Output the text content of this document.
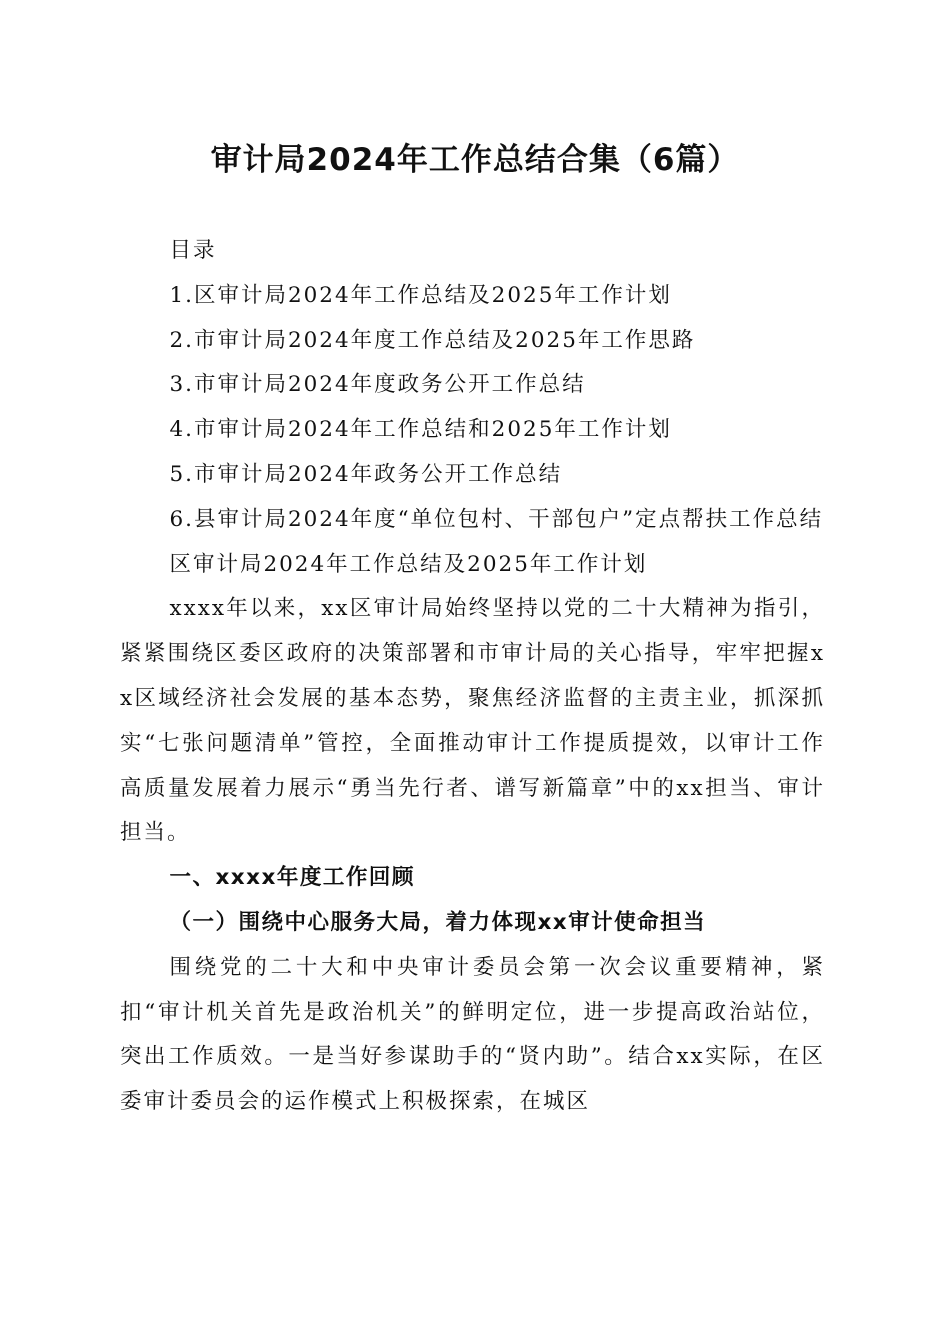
审计局2024年工作总结合集（6篇）

目录

1.区审计局2024年工作总结及2025年工作计划

2.市审计局2024年度工作总结及2025年工作思路

3.市审计局2024年度政务公开工作总结

4.市审计局2024年工作总结和2025年工作计划

5.市审计局2024年政务公开工作总结

6.县审计局2024年度“单位包村、干部包户”定点帮扶工作总结

区审计局2024年工作总结及2025年工作计划

xxxx年以来，xx区审计局始终坚持以党的二十大精神为指引，紧紧围绕区委区政府的决策部署和市审计局的关心指导，牢牢把握xx区域经济社会发展的基本态势，聚焦经济监督的主责主业，抓深抓实“七张问题清单”管控，全面推动审计工作提质提效，以审计工作高质量发展着力展示“勇当先行者、谱写新篇章”中的xx担当、审计担当。

一、xxxx年度工作回顾

（一）围绕中心服务大局，着力体现xx审计使命担当

围绕党的二十大和中央审计委员会第一次会议重要精神，紧扣“审计机关首先是政治机关”的鲜明定位，进一步提高政治站位，突出工作质效。一是当好参谋助手的“贤内助”。结合xx实际，在区委审计委员会的运作模式上积极探索，在城区
